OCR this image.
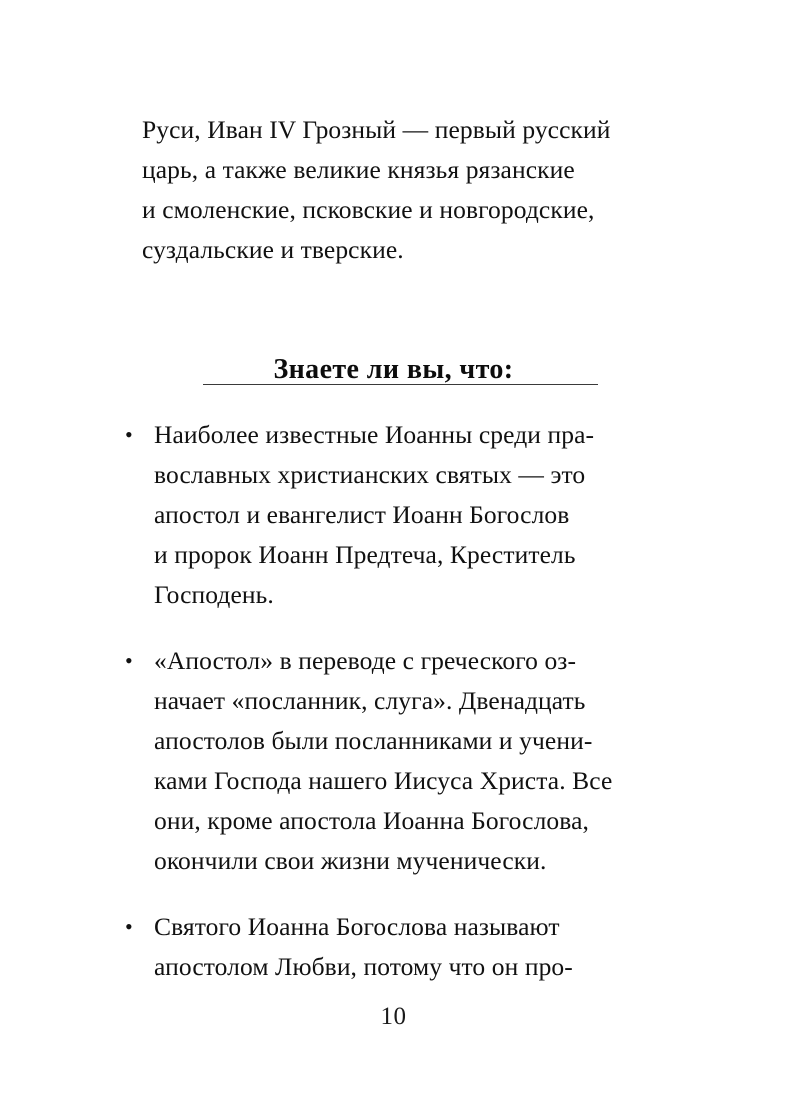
Руси, Иван IV Грозный — первый русский
царь, а также великие князья рязанские
и смоленские, псковские и новгородские,
суздальские и тверские.

Знаете ли вы, что:
• Наиболее известные Иоанны среди пра-
вославных христианских святых — это
апостол и евангелист Иоанн Богослов
и пророк Иоанн Предтеча, Креститель
Господень.
• «Апостол» в переводе с греческого оз-
начает «посланник, слуга». Двенадцать
апостолов были посланниками и учени-
ками Господа нашего Иисуса Христа. Все
они, кроме апостола Иоанна Богослова,
окончили свои жизни мученически.
• Святого Иоанна Богослова называют
апостолом Любви, потому что он про-
10
